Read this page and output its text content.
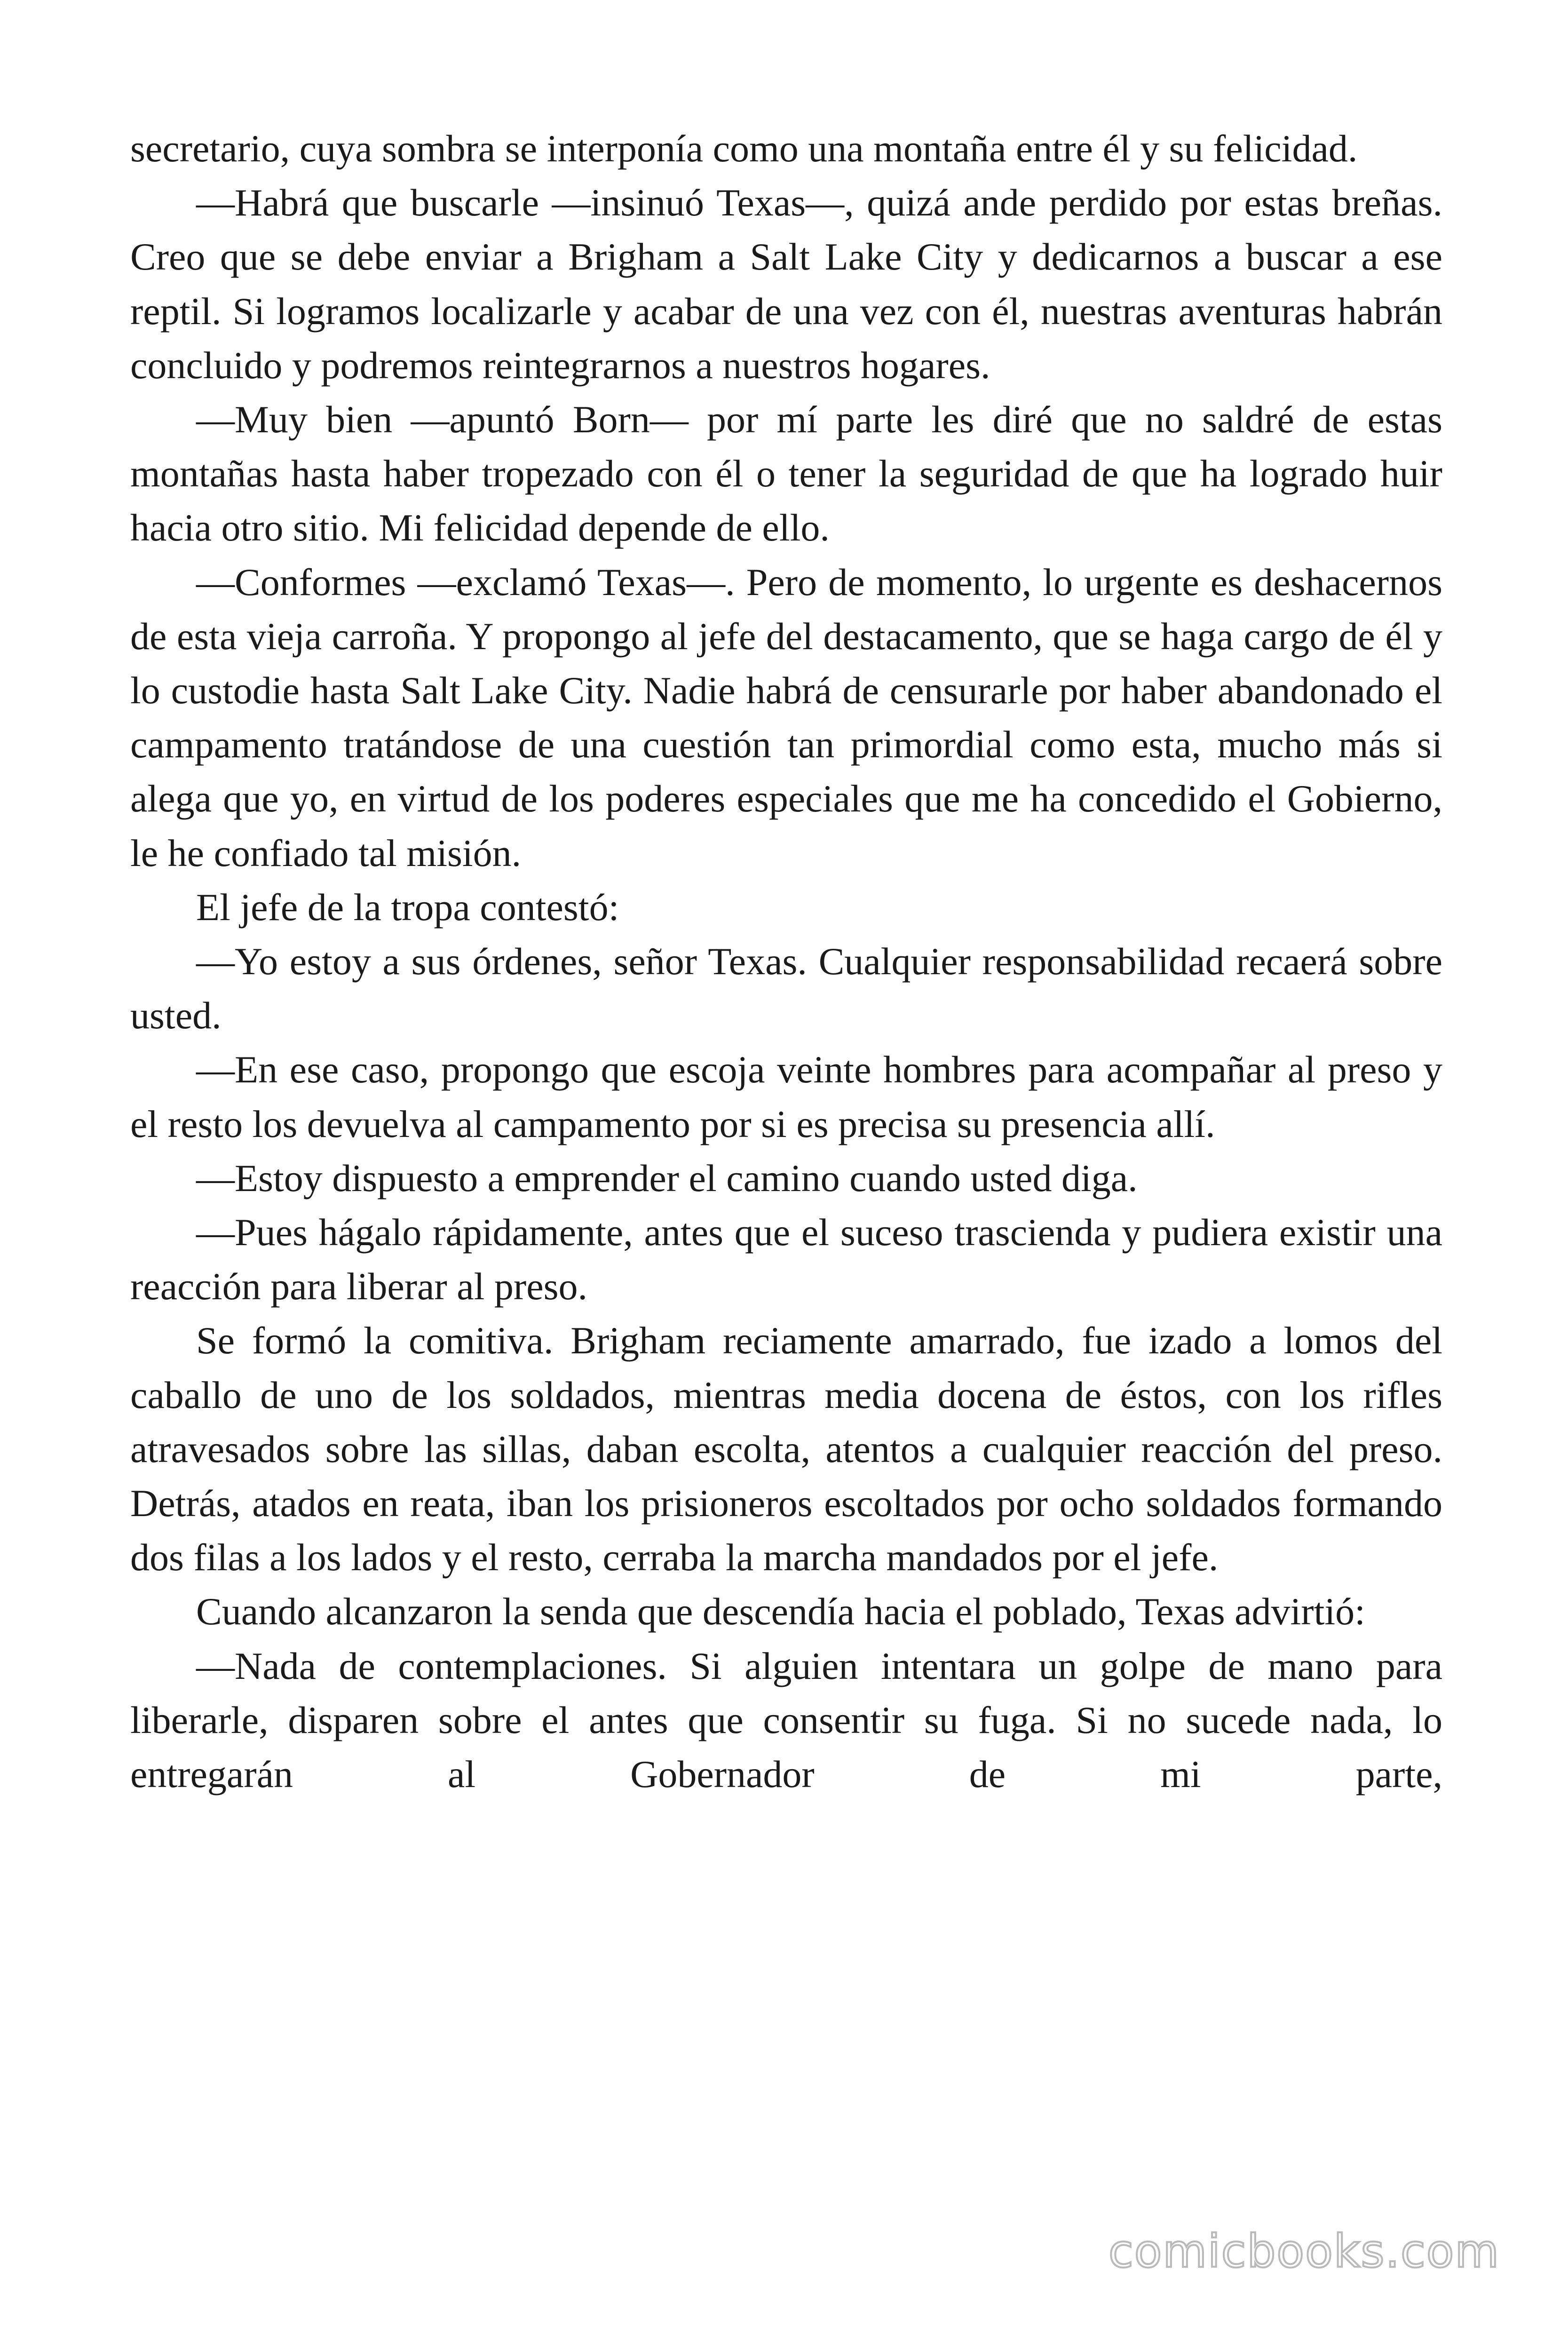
secretario, cuya sombra se interponía como una montaña entre él y su felicidad.

—Habrá que buscarle —insinuó Texas—, quizá ande perdido por estas breñas. Creo que se debe enviar a Brigham a Salt Lake City y dedicarnos a buscar a ese reptil. Si logramos localizarle y acabar de una vez con él, nuestras aventuras habrán concluido y podremos reintegrarnos a nuestros hogares.

—Muy bien —apuntó Born— por mí parte les diré que no saldré de estas montañas hasta haber tropezado con él o tener la seguridad de que ha logrado huir hacia otro sitio. Mi felicidad depende de ello.

—Conformes —exclamó Texas—. Pero de momento, lo urgente es deshacernos de esta vieja carroña. Y propongo al jefe del destacamento, que se haga cargo de él y lo custodie hasta Salt Lake City. Nadie habrá de censurarle por haber abandonado el campamento tratándose de una cuestión tan primordial como esta, mucho más si alega que yo, en virtud de los poderes especiales que me ha concedido el Gobierno, le he confiado tal misión.

El jefe de la tropa contestó:

—Yo estoy a sus órdenes, señor Texas. Cualquier responsabilidad recaerá sobre usted.

—En ese caso, propongo que escoja veinte hombres para acompañar al preso y el resto los devuelva al campamento por si es precisa su presencia allí.

—Estoy dispuesto a emprender el camino cuando usted diga.

—Pues hágalo rápidamente, antes que el suceso trascienda y pudiera existir una reacción para liberar al preso.

Se formó la comitiva. Brigham reciamente amarrado, fue izado a lomos del caballo de uno de los soldados, mientras media docena de éstos, con los rifles atravesados sobre las sillas, daban escolta, atentos a cualquier reacción del preso. Detrás, atados en reata, iban los prisioneros escoltados por ocho soldados formando dos filas a los lados y el resto, cerraba la marcha mandados por el jefe.

Cuando alcanzaron la senda que descendía hacia el poblado, Texas advirtió:

—Nada de contemplaciones. Si alguien intentara un golpe de mano para liberarle, disparen sobre el antes que consentir su fuga. Si no sucede nada, lo entregarán al Gobernador de mi parte,

comicbooks.com
